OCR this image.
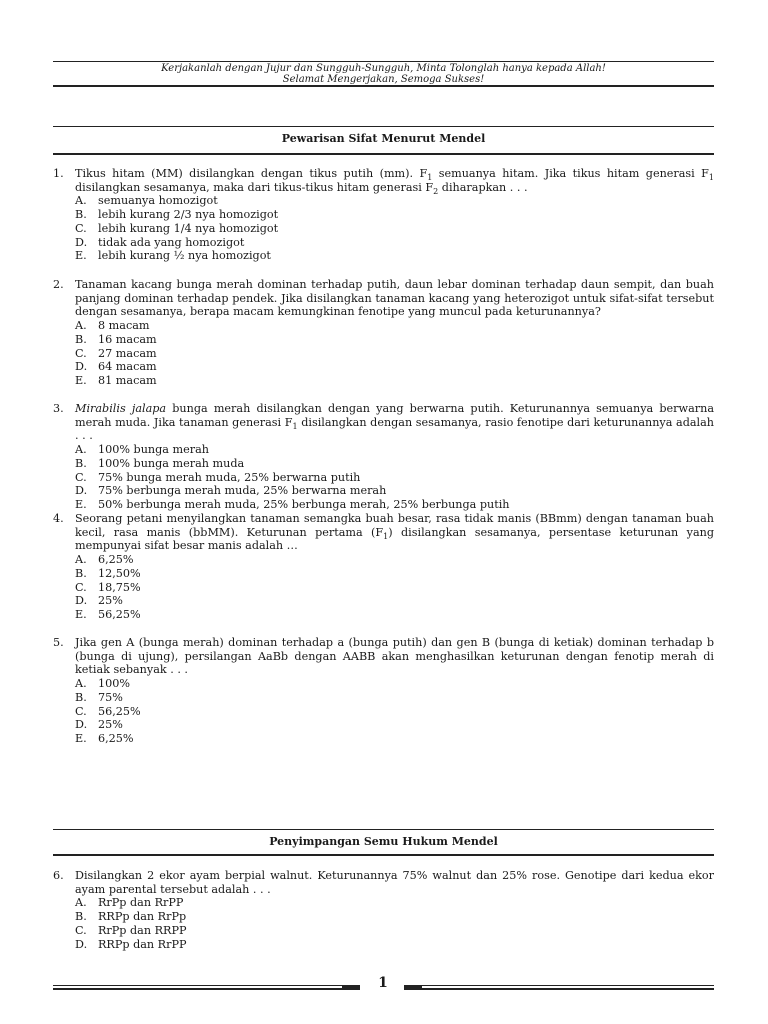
Kerjakanlah dengan Jujur dan Sungguh-Sungguh, Minta Tolonglah hanya kepada Allah!
Selamat Mengerjakan, Semoga Sukses!
Pewarisan Sifat Menurut Mendel
1. Tikus hitam (MM) disilangkan dengan tikus putih (mm). $F_1$ semuanya hitam. Jika tikus hitam generasi $F_1$ disilangkan sesamanya, maka dari tikus-tikus hitam generasi $F_2$ diharapkan . . .
A. semuanya homozigot
B. lebih kurang 2/3 nya homozigot
C. lebih kurang 1/4 nya homozigot
D. tidak ada yang homozigot
E. lebih kurang ½ nya homozigot
2. Tanaman kacang bunga merah dominan terhadap putih, daun lebar dominan terhadap daun sempit, dan buah panjang dominan terhadap pendek. Jika disilangkan tanaman kacang yang heterozigot untuk sifat-sifat tersebut dengan sesamanya, berapa macam kemungkinan fenotipe yang muncul pada keturunannya?
A. 8 macam
B. 16 macam
C. 27 macam
D. 64 macam
E. 81 macam
3. Mirabilis jalapa bunga merah disilangkan dengan yang berwarna putih. Keturunannya semuanya berwarna merah muda. Jika tanaman generasi $F_1$ disilangkan dengan sesamanya, rasio fenotipe dari keturunannya adalah . . .
A. 100% bunga merah
B. 100% bunga merah muda
C. 75% bunga merah muda, 25% berwarna putih
D. 75% berbunga merah muda, 25% berwarna merah
E. 50% berbunga merah muda, 25% berbunga merah, 25% berbunga putih
4. Seorang petani menyilangkan tanaman semangka buah besar, rasa tidak manis (BBmm) dengan tanaman buah kecil, rasa manis (bbMM). Keturunan pertama $(F_1)$ disilangkan sesamanya, persentase keturunan yang mempunyai sifat besar manis adalah …
A. 6,25%
B. 12,50%
C. 18,75%
D. 25%
E. 56,25%
5. Jika gen A (bunga merah) dominan terhadap a (bunga putih) dan gen B (bunga di ketiak) dominan terhadap b (bunga di ujung), persilangan AaBb dengan AABB akan menghasilkan keturunan dengan fenotip merah di ketiak sebanyak . . .
A. 100%
B. 75%
C. 56,25%
D. 25%
E. 6,25%
Penyimpangan Semu Hukum Mendel
6. Disilangkan 2 ekor ayam berpial walnut. Keturunannya 75% walnut dan 25% rose. Genotipe dari kedua ekor ayam parental tersebut adalah . . .
A. RrPp dan RrPP
B. RRPp dan RrPp
C. RrPp dan RRPP
D. RRPp dan RrPP
1
